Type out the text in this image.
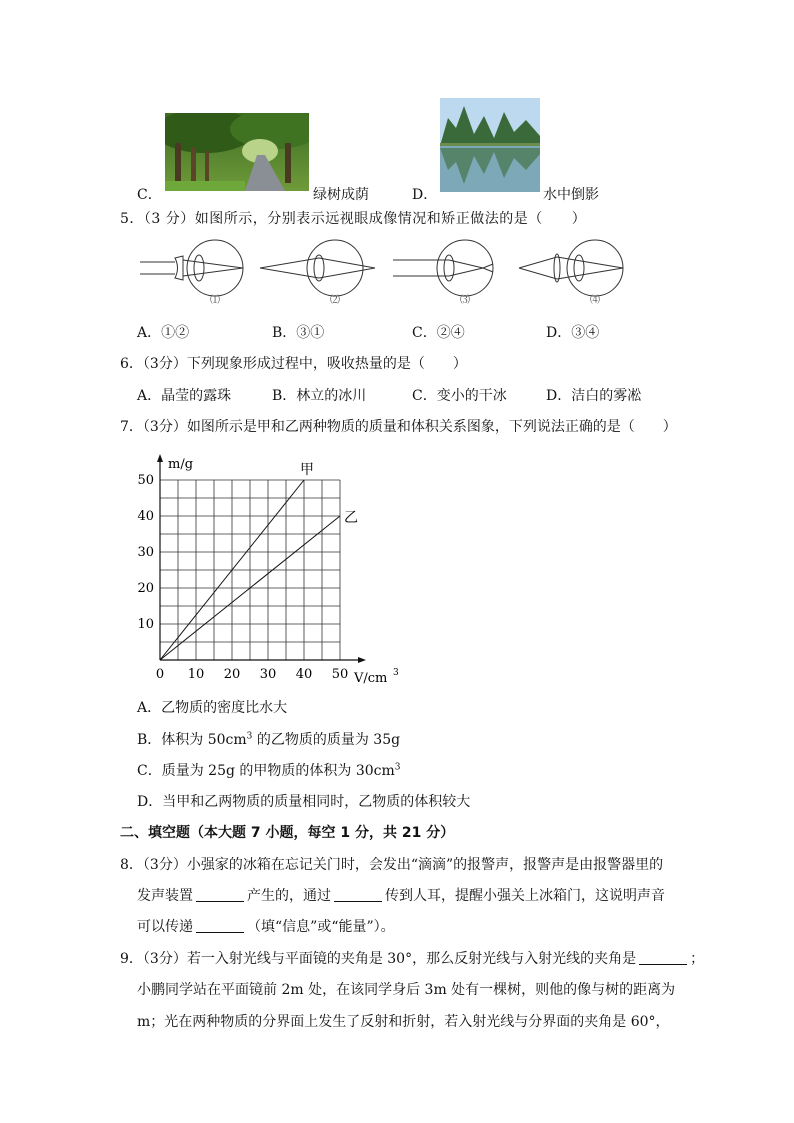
C．	绿树成荫	D．	水中倒影
5．（3 分）如图所示，分别表示远视眼成像情况和矫正做法的是（　　）
⑴	⑵	⑶	⑷
A．①②	B．③①	C．②④	D．③④
6．（3分）下列现象形成过程中，吸收热量的是（　　）
A．晶莹的露珠	B．林立的冰川	C．变小的干冰	D．洁白的雾凇
7．（3分）如图所示是甲和乙两种物质的质量和体积关系图象，下列说法正确的是（　　）
甲
乙
0 10 20 30 40 50
10
20
30
40
50
m/g
V/cm 3
A．乙物质的密度比水大
B．体积为 $50cm^3$ 的乙物质的质量为 35g
C．质量为 25g 的甲物质的体积为 $30cm^3$
D．当甲和乙两物质的质量相同时，乙物质的体积较大
二、填空题（本大题 7 小题，每空 1 分，共 21 分）
8．（3分）小强家的冰箱在忘记关门时，会发出“滴滴”的报警声，报警声是由报警器里的
发声装置	产生的，通过	传到人耳，提醒小强关上冰箱门，这说明声音
可以传递	（填“信息”或“能量”）。
9．（3分）若一入射光线与平面镜的夹角是 30°，那么反射光线与入射光线的夹角是	；
小鹏同学站在平面镜前 2m 处，在该同学身后 3m 处有一棵树，则他的像与树的距离为
m；光在两种物质的分界面上发生了反射和折射，若入射光线与分界面的夹角是 60°，
